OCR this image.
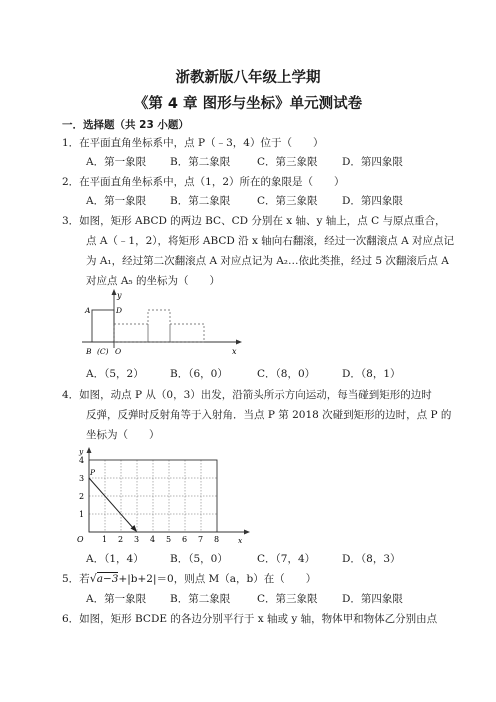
浙教新版八年级上学期
《第 4 章 图形与坐标》单元测试卷
一．选择题（共 23 小题）
1．在平面直角坐标系中，点 P（﹣3，4）位于（　　）
A．第一象限 B．第二象限	C．第三象限 D．第四象限
2．在平面直角坐标系中，点（1，2）所在的象限是（　　）
A．第一象限 B．第二象限	C．第三象限 D．第四象限
3．如图，矩形 ABCD 的两边 BC、CD 分别在 x 轴、y 轴上，点 C 与原点重合，
点 A（﹣1，2），将矩形 ABCD 沿 x 轴向右翻滚，经过一次翻滚点 A 对应点记
为 A₁，经过第二次翻滚点 A 对应点记为 A₂…依此类推，经过 5 次翻滚后点 A
对应点 A₅ 的坐标为（　　）
y
x
A	D
B (C) O
A．（5，2）	B．（6，0）	C．（8，0）	D．（8，1）
4．如图，动点 P 从（0，3）出发，沿箭头所示方向运动，每当碰到矩形的边时
反弹，反弹时反射角等于入射角．当点 P 第 2018 次碰到矩形的边时，点 P 的
坐标为（　　）
y
x
P
O
1
2
3
4
1 2 3 4 5 6 7 8
A．（1，4）	B．（5，0）	C．（7，4）	D．（8，3）
5．若√a−3+|b+2|＝0，则点 M（a，b）在（　　）
A．第一象限 B．第二象限	C．第三象限 D．第四象限
6．如图，矩形 BCDE 的各边分别平行于 x 轴或 y 轴，物体甲和物体乙分别由点
